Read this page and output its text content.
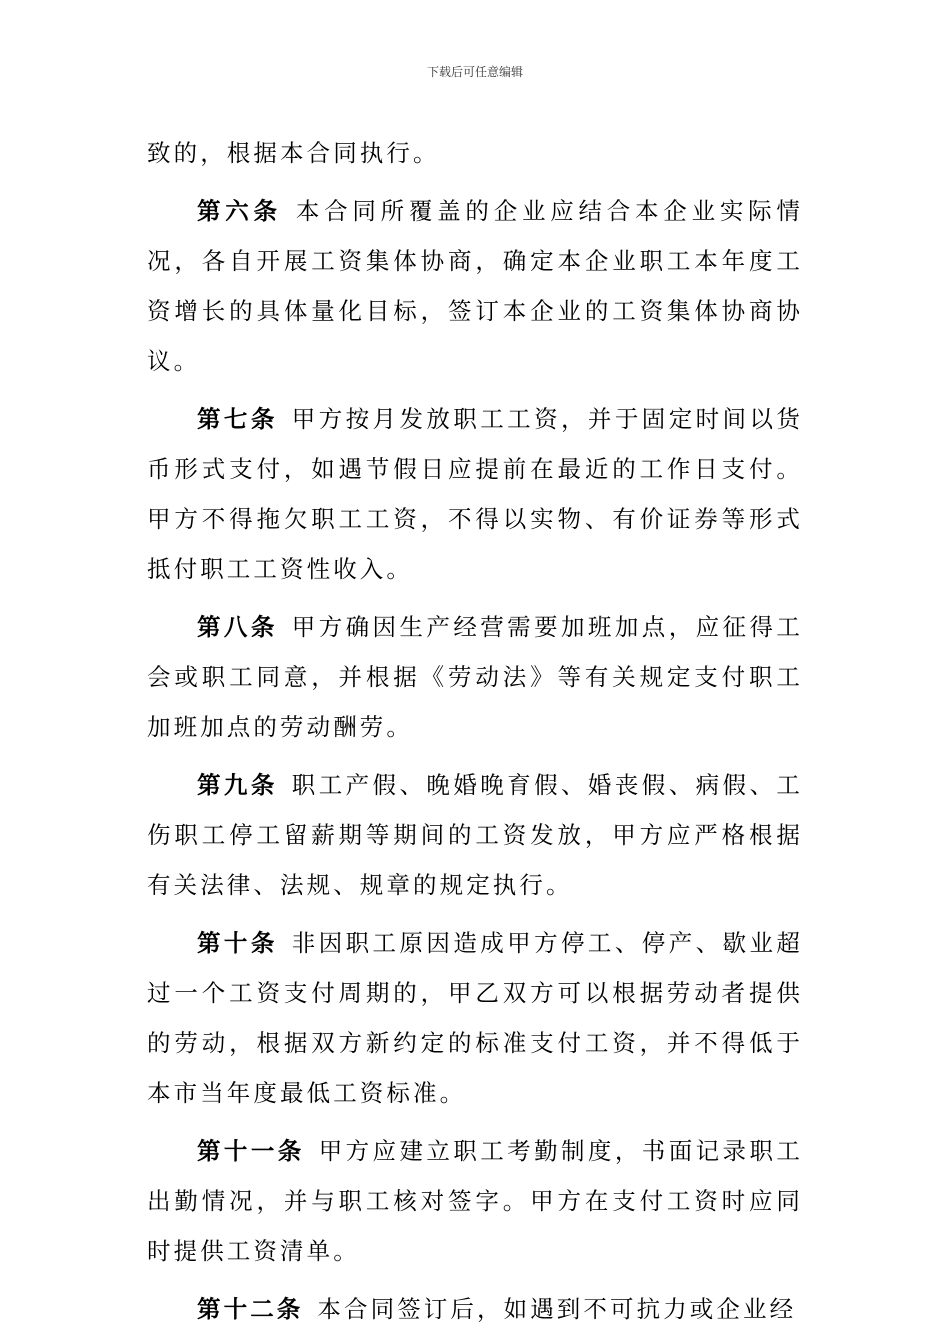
下载后可任意编辑

致的，根据本合同执行。

第六条 本合同所覆盖的企业应结合本企业实际情况，各自开展工资集体协商，确定本企业职工本年度工资增长的具体量化目标，签订本企业的工资集体协商协议。

第七条 甲方按月发放职工工资，并于固定时间以货币形式支付，如遇节假日应提前在最近的工作日支付。甲方不得拖欠职工工资，不得以实物、有价证券等形式抵付职工工资性收入。

第八条 甲方确因生产经营需要加班加点，应征得工会或职工同意，并根据《劳动法》等有关规定支付职工加班加点的劳动酬劳。

第九条 职工产假、晚婚晚育假、婚丧假、病假、工伤职工停工留薪期等期间的工资发放，甲方应严格根据有关法律、法规、规章的规定执行。

第十条 非因职工原因造成甲方停工、停产、歇业超过一个工资支付周期的，甲乙双方可以根据劳动者提供的劳动，根据双方新约定的标准支付工资，并不得低于本市当年度最低工资标准。

第十一条 甲方应建立职工考勤制度，书面记录职工出勤情况，并与职工核对签字。甲方在支付工资时应同时提供工资清单。

第十二条 本合同签订后，如遇到不可抗力或企业经
